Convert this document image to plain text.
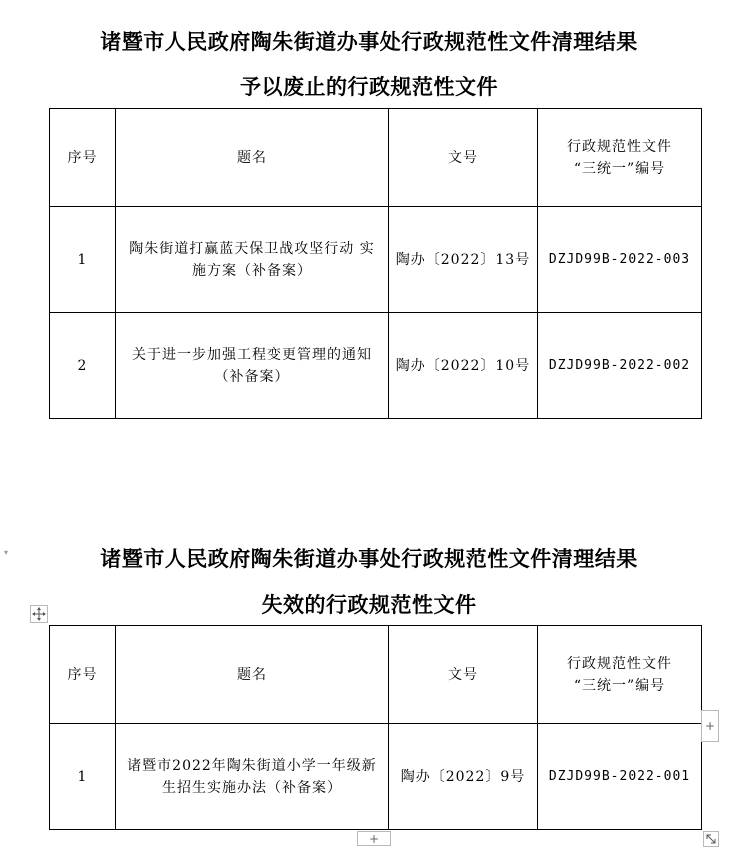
诸暨市人民政府陶朱街道办事处行政规范性文件清理结果
予以废止的行政规范性文件
序号	题名	文号	行政规范性文件
“三统一”编号
1	陶朱街道打赢蓝天保卫战攻坚行动 实施方案（补备案）	陶办〔2022〕13号	DZJD99B-2022-003
2	关于进一步加强工程变更管理的通知（补备案）	陶办〔2022〕10号	DZJD99B-2022-002
▾	诸暨市人民政府陶朱街道办事处行政规范性文件清理结果
失效的行政规范性文件
序号	题名	文号	行政规范性文件
“三统一”编号
1	诸暨市2022年陶朱街道小学一年级新生招生实施办法（补备案）	陶办〔2022〕9号	DZJD99B-2022-001
+
+
